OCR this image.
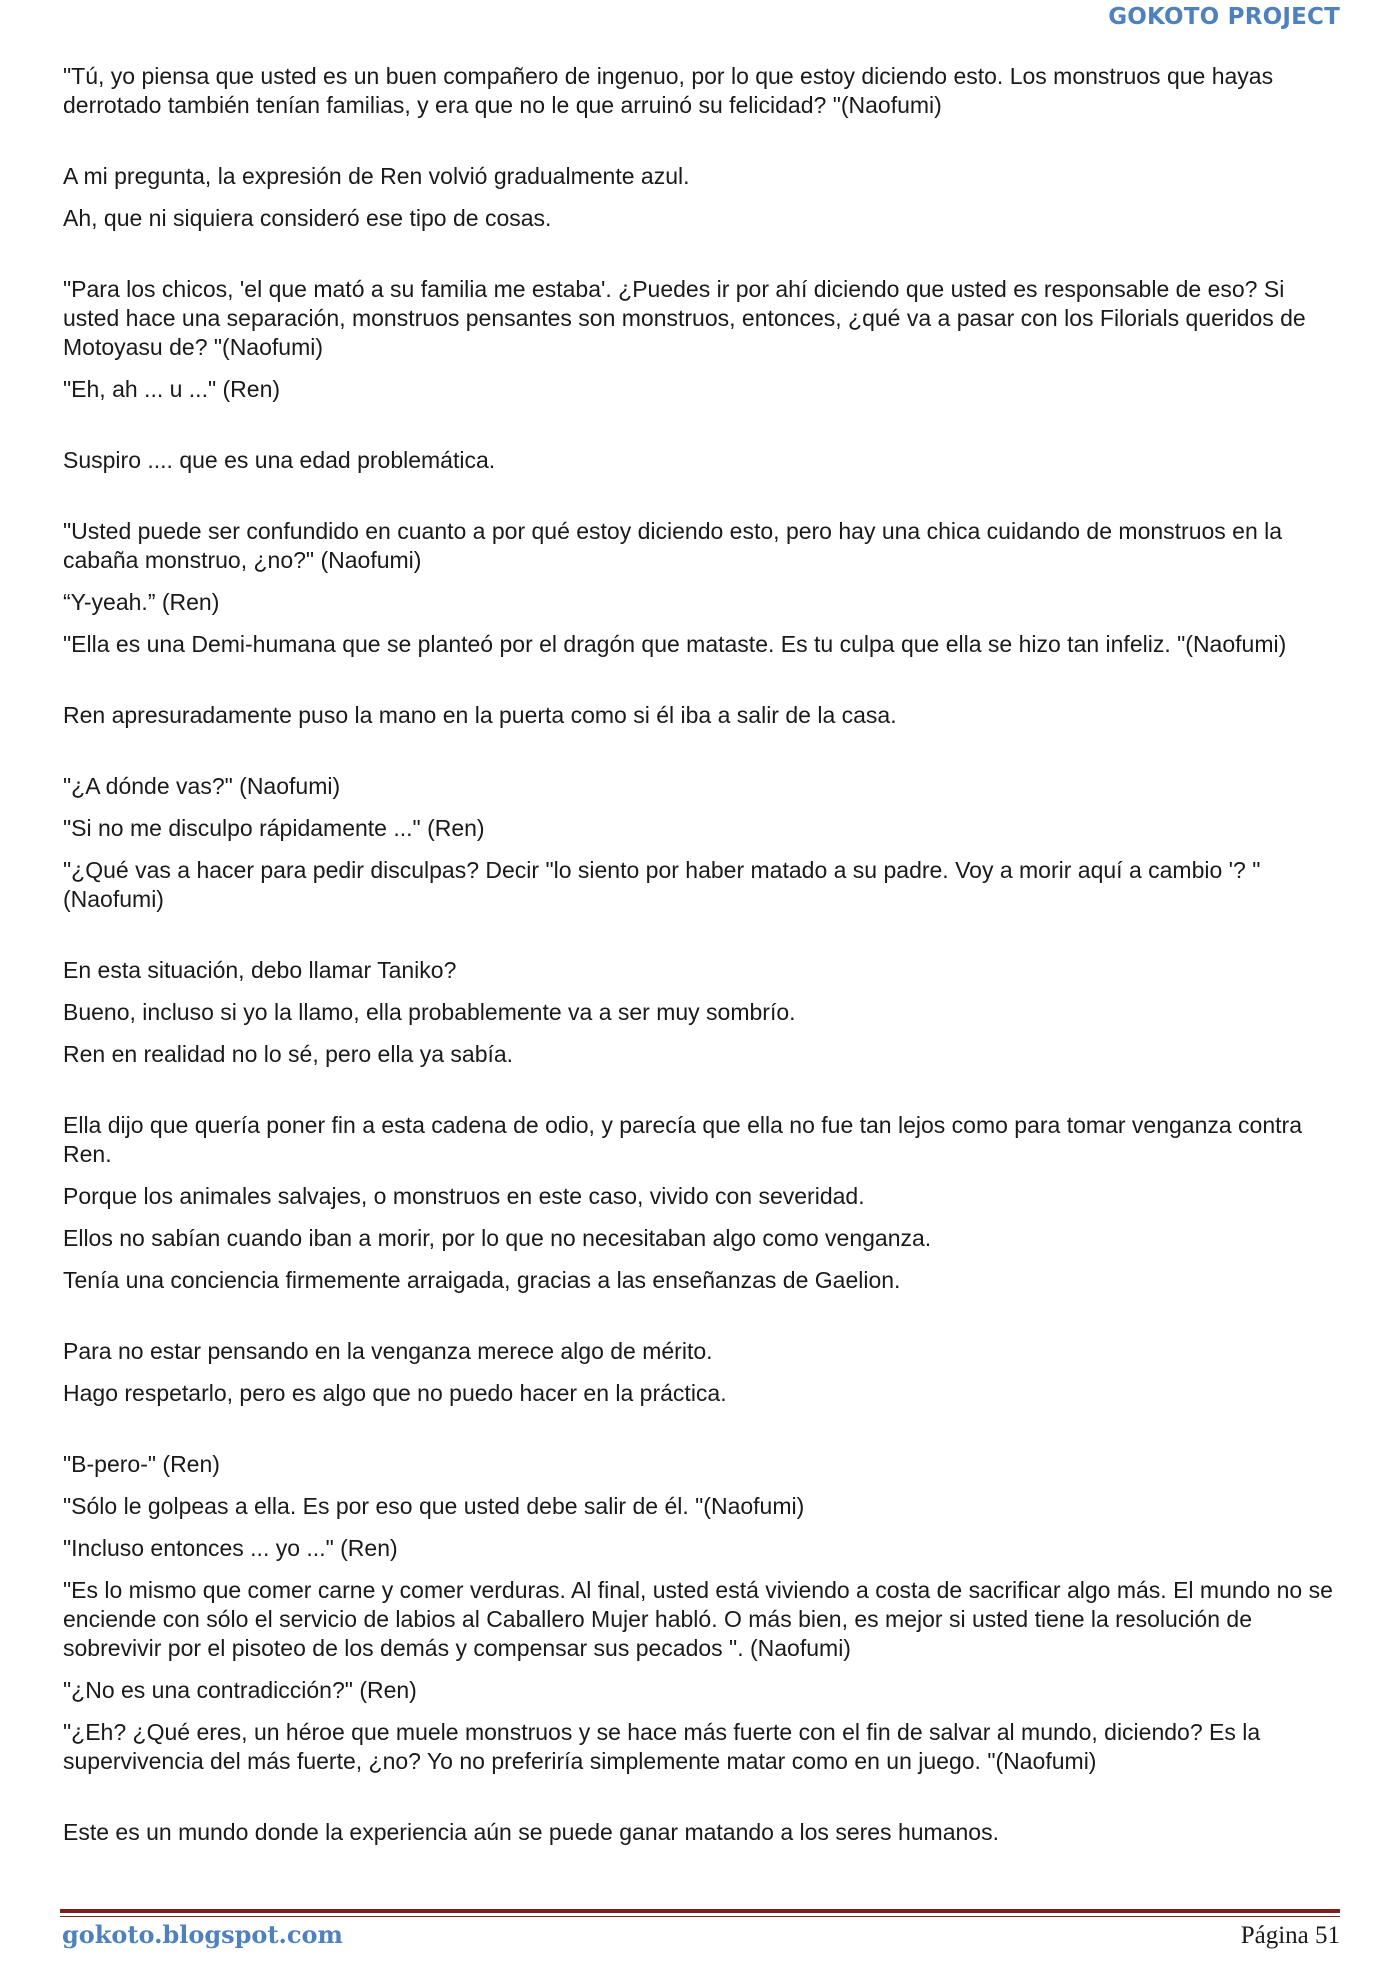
GOKOTO PROJECT

"Tú, yo piensa que usted es un buen compañero de ingenuo, por lo que estoy diciendo esto. Los monstruos que hayas derrotado también tenían familias, y era que no le que arruinó su felicidad? "(Naofumi)

A mi pregunta, la expresión de Ren volvió gradualmente azul.

Ah, que ni siquiera consideró ese tipo de cosas.

"Para los chicos, 'el que mató a su familia me estaba'. ¿Puedes ir por ahí diciendo que usted es responsable de eso? Si usted hace una separación, monstruos pensantes son monstruos, entonces, ¿qué va a pasar con los Filorials queridos de Motoyasu de? "(Naofumi)

"Eh, ah ... u ..." (Ren)

Suspiro .... que es una edad problemática.

"Usted puede ser confundido en cuanto a por qué estoy diciendo esto, pero hay una chica cuidando de monstruos en la cabaña monstruo, ¿no?" (Naofumi)

“Y-yeah.” (Ren)

"Ella es una Demi-humana que se planteó por el dragón que mataste. Es tu culpa que ella se hizo tan infeliz. "(Naofumi)

Ren apresuradamente puso la mano en la puerta como si él iba a salir de la casa.

"¿A dónde vas?" (Naofumi)

"Si no me disculpo rápidamente ..." (Ren)

"¿Qué vas a hacer para pedir disculpas? Decir "lo siento por haber matado a su padre. Voy a morir aquí a cambio '? "(Naofumi)

En esta situación, debo llamar Taniko?

Bueno, incluso si yo la llamo, ella probablemente va a ser muy sombrío.

Ren en realidad no lo sé, pero ella ya sabía.

Ella dijo que quería poner fin a esta cadena de odio, y parecía que ella no fue tan lejos como para tomar venganza contra Ren.

Porque los animales salvajes, o monstruos en este caso, vivido con severidad.

Ellos no sabían cuando iban a morir, por lo que no necesitaban algo como venganza.

Tenía una conciencia firmemente arraigada, gracias a las enseñanzas de Gaelion.

Para no estar pensando en la venganza merece algo de mérito.

Hago respetarlo, pero es algo que no puedo hacer en la práctica.

"B-pero-" (Ren)

"Sólo le golpeas a ella. Es por eso que usted debe salir de él. "(Naofumi)

"Incluso entonces ... yo ..." (Ren)

"Es lo mismo que comer carne y comer verduras. Al final, usted está viviendo a costa de sacrificar algo más. El mundo no se enciende con sólo el servicio de labios al Caballero Mujer habló. O más bien, es mejor si usted tiene la resolución de sobrevivir por el pisoteo de los demás y compensar sus pecados ". (Naofumi)

"¿No es una contradicción?" (Ren)

"¿Eh? ¿Qué eres, un héroe que muele monstruos y se hace más fuerte con el fin de salvar al mundo, diciendo? Es la supervivencia del más fuerte, ¿no? Yo no preferiría simplemente matar como en un juego. "(Naofumi)

Este es un mundo donde la experiencia aún se puede ganar matando a los seres humanos.

gokoto.blogspot.com	Página 51
